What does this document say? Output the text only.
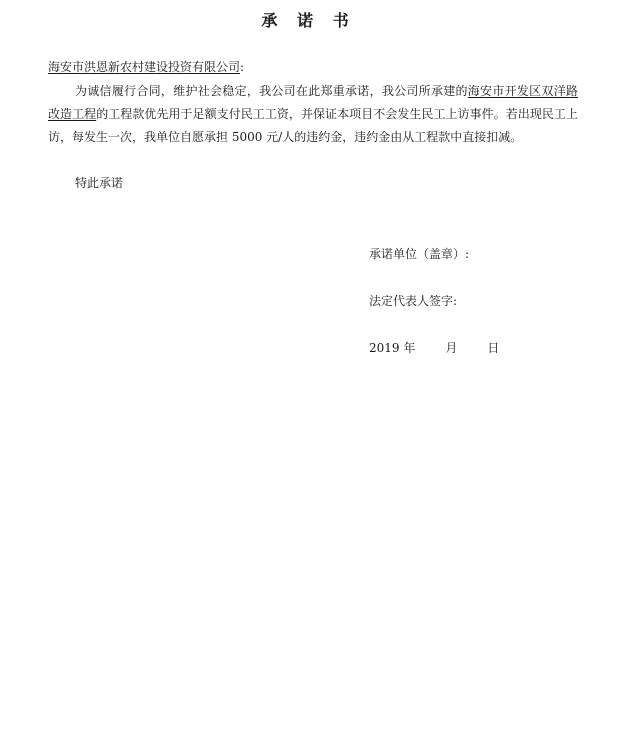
承 诺 书
海安市洪恩新农村建设投资有限公司:
为诚信履行合同，维护社会稳定，我公司在此郑重承诺，我公司所承建的海安市开发区双洋路改造工程的工程款优先用于足额支付民工工资，并保证本项目不会发生民工上访事件。若出现民工上访，每发生一次，我单位自愿承担 5000 元/人的违约金，违约金由从工程款中直接扣减。
特此承诺
承诺单位（盖章）:
法定代表人签字:
2019 年	月	日
